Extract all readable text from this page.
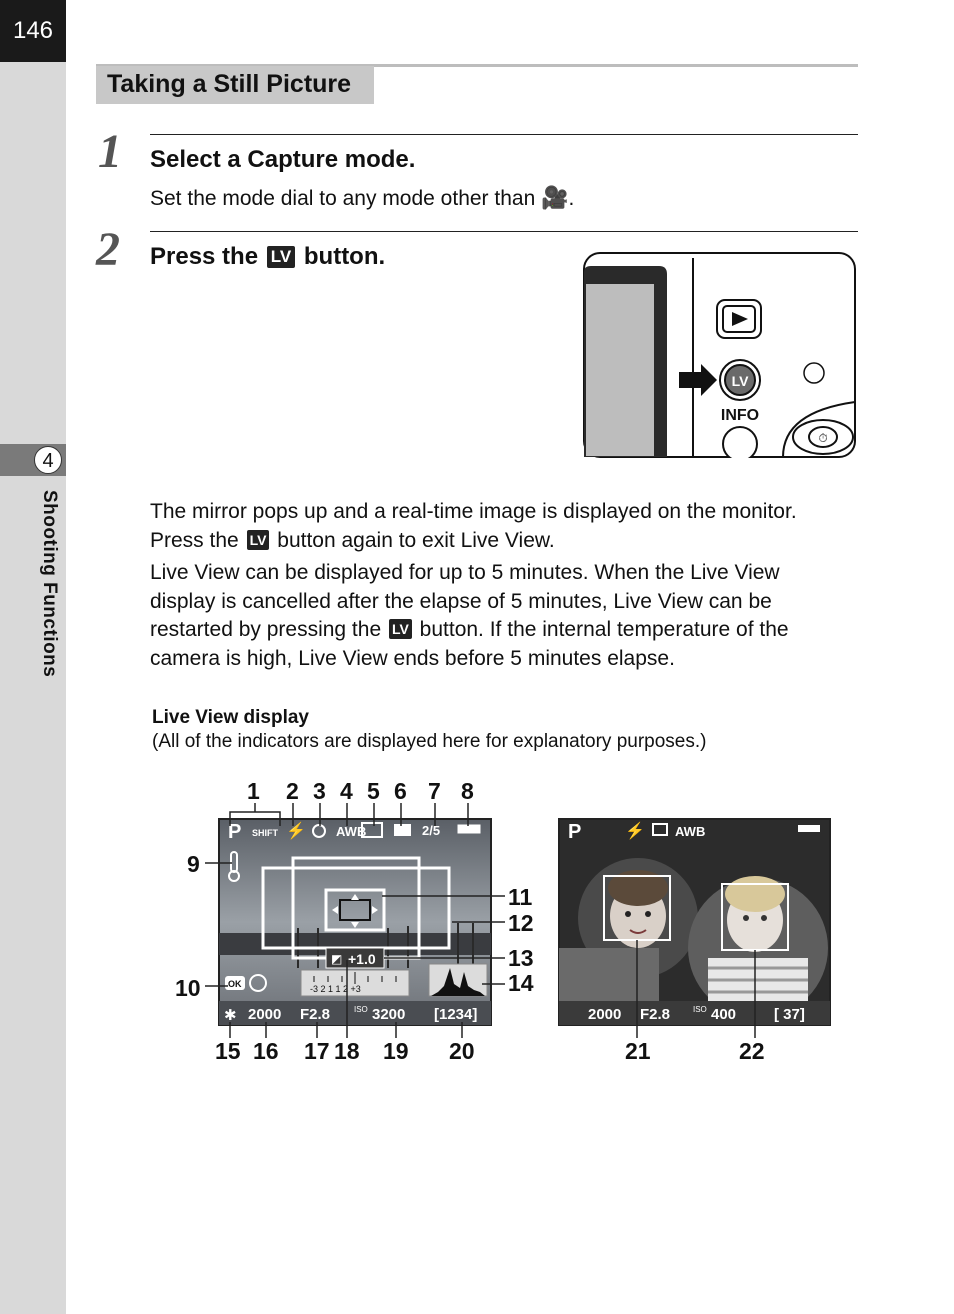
146
4
Shooting Functions
Taking a Still Picture
1 Select a Capture mode.
Set the mode dial to any mode other than 🎥.
2 Press the LV button.
LV
INFO
⏱
The mirror pops up and a real-time image is displayed on the monitor.
Press the LV button again to exit Live View.
Live View can be displayed for up to 5 minutes. When the Live View
display is cancelled after the elapse of 5 minutes, Live View can be
restarted by pressing the LV button. If the internal temperature of the
camera is high, Live View ends before 5 minutes elapse.
Live View display
(All of the indicators are displayed here for explanatory purposes.)
P SHIFT ⚡ AWB	2/5
◩ +1.0
-3 2 1 1 2 +3
OK
✱ 2000 F2.8	ISO 3200 [1234]
P	⚡ AWB
2000 F2.8	ISO 400	[ 37]
1 2 3 4 5 6 7 8
9
10
11
12
13
14
15 16 17 18 19 20	21	22
